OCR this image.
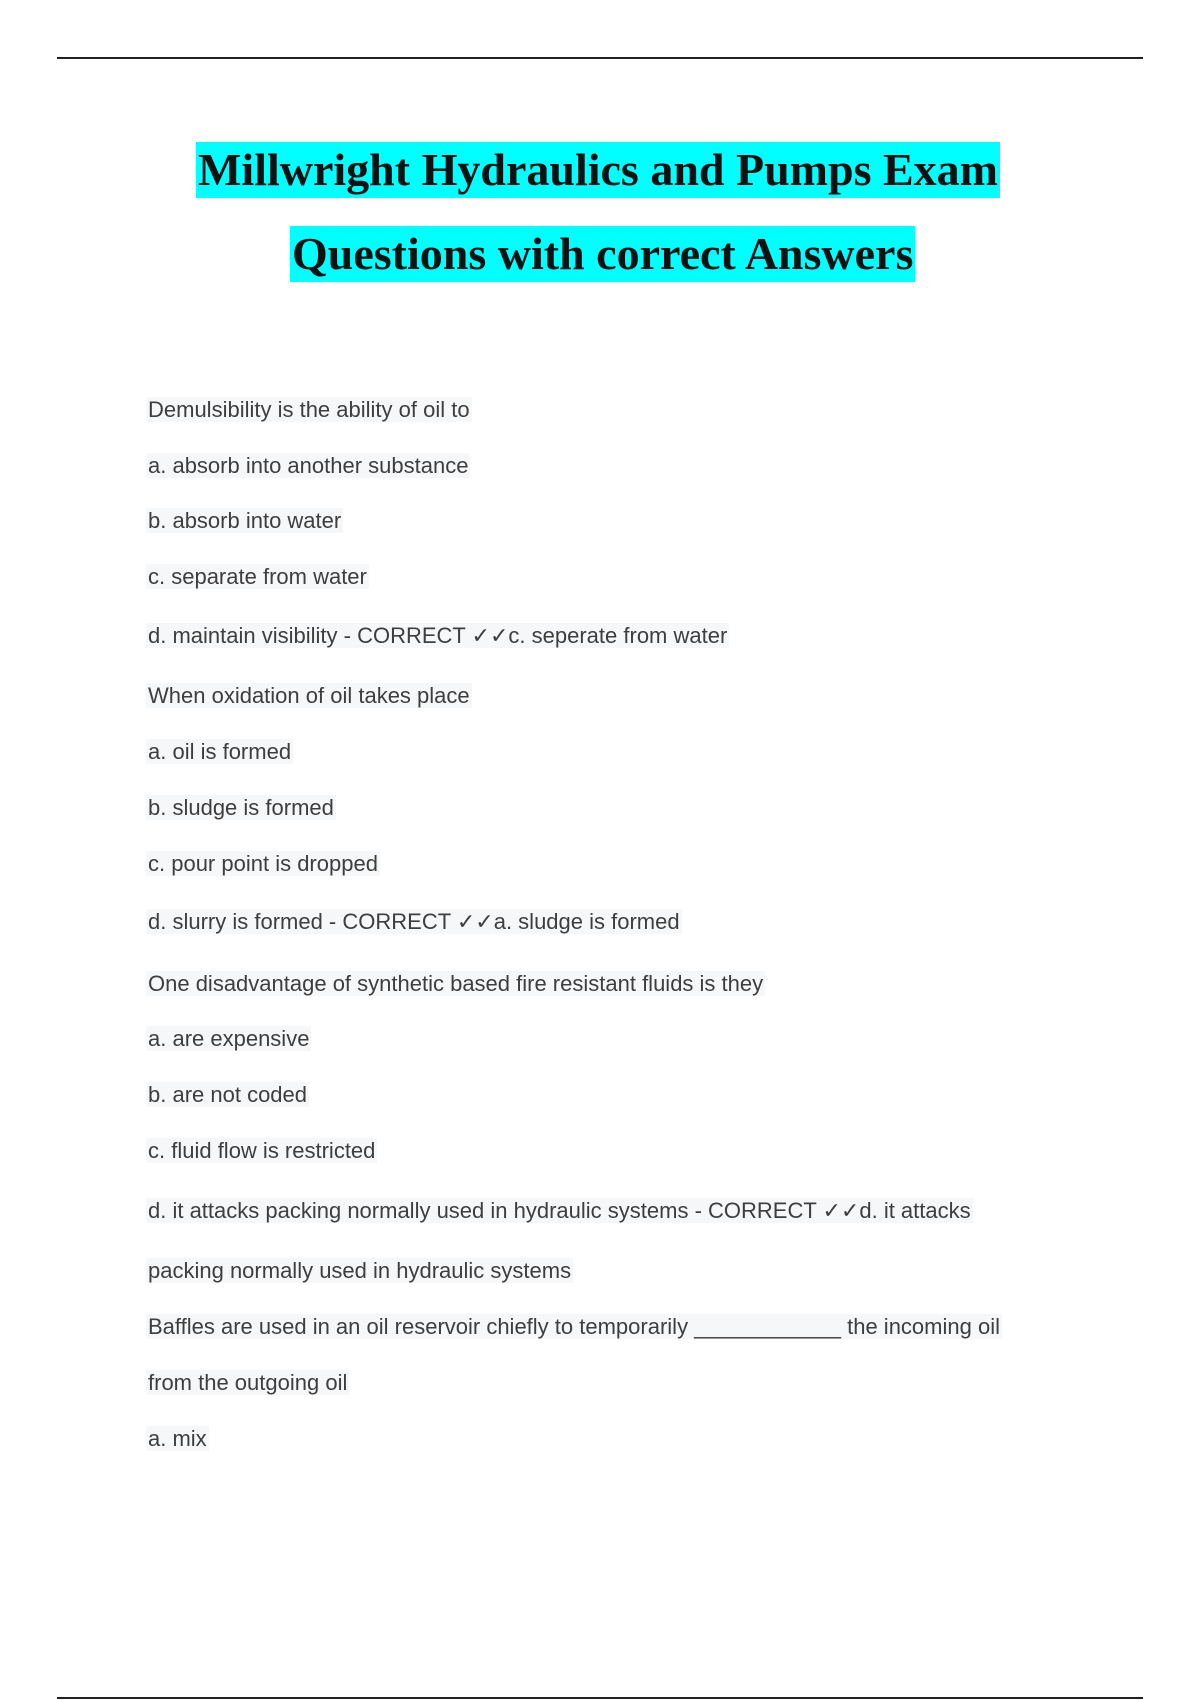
Millwright Hydraulics and Pumps Exam
Questions with correct Answers
Demulsibility is the ability of oil to
a. absorb into another substance
b. absorb into water
c. separate from water
d. maintain visibility - CORRECT ✓✓c. seperate from water
When oxidation of oil takes place
a. oil is formed
b. sludge is formed
c. pour point is dropped
d. slurry is formed - CORRECT ✓✓a. sludge is formed
One disadvantage of synthetic based fire resistant fluids is they
a. are expensive
b. are not coded
c. fluid flow is restricted
d. it attacks packing normally used in hydraulic systems - CORRECT ✓✓d. it attacks
packing normally used in hydraulic systems
Baffles are used in an oil reservoir chiefly to temporarily ____________ the incoming oil
from the outgoing oil
a. mix
